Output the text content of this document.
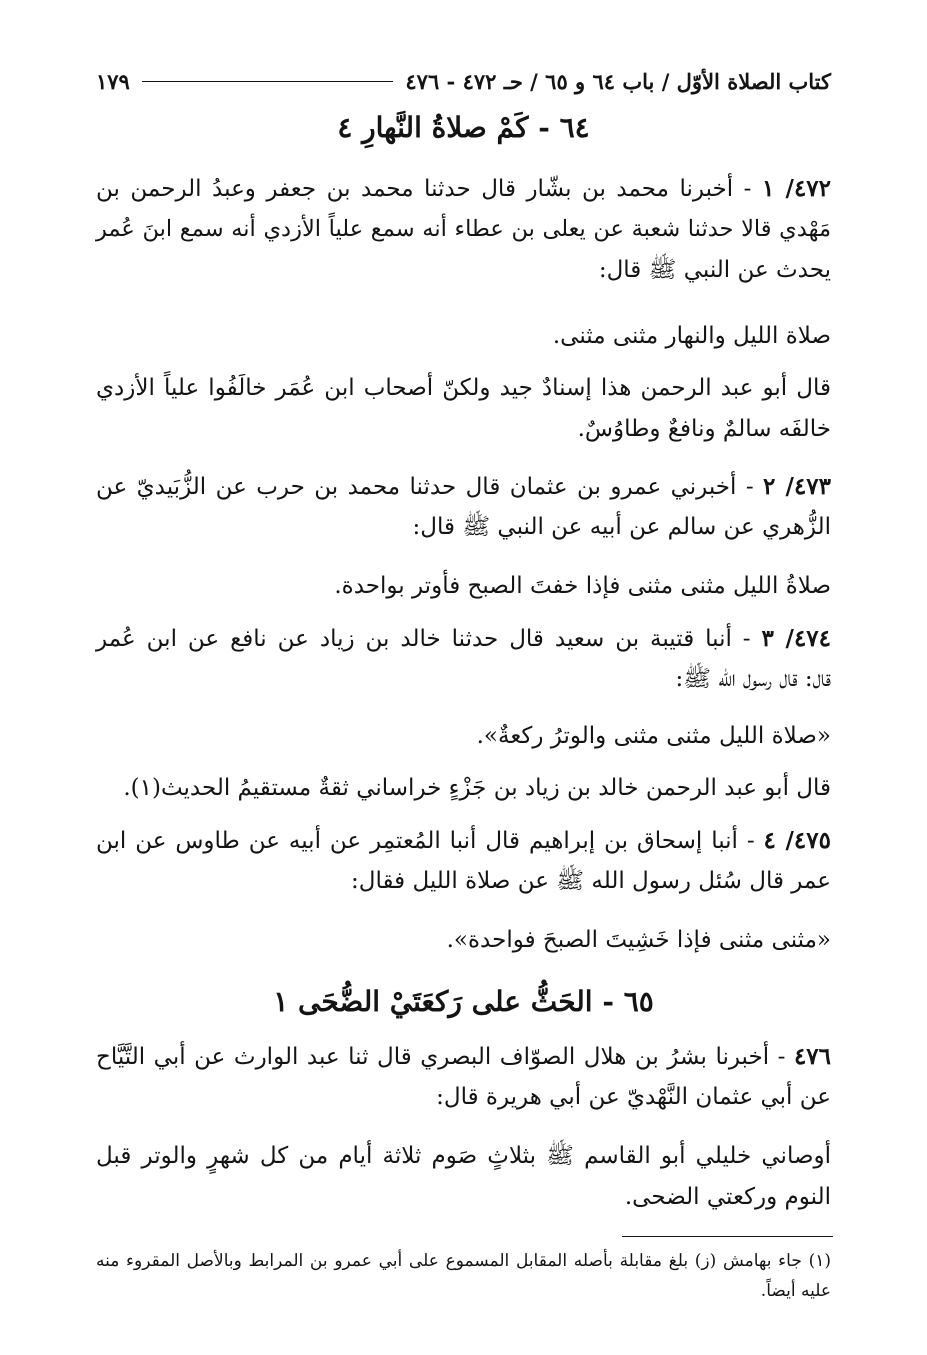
كتاب الصلاة الأوّل / باب ٦٤ و ٦٥ / حـ ٤٧٢ - ٤٧٦
١٧٩
٦٤ - كَمْ صلاةُ النَّهارِ ٤
٤٧٢/ ١ - أخبرنا محمد بن بشّار قال حدثنا محمد بن جعفر وعبدُ الرحمن بن
مَهْدي قالا حدثنا شعبة عن يعلى بن عطاء أنه سمع علياً الأزدي أنه سمع ابنَ عُمر
يحدث عن النبي ﷺ قال:
صلاة الليل والنهار مثنى مثنى.
قال أبو عبد الرحمن هذا إسنادٌ جيد ولكنّ أصحاب ابن عُمَر خالَفُوا علياً الأزدي
خالفَه سالمٌ ونافعٌ وطاوُسٌ.
٤٧٣/ ٢ - أخبرني عمرو بن عثمان قال حدثنا محمد بن حرب عن الزُّبَيديّ عن
الزُّهري عن سالم عن أبيه عن النبي ﷺ قال:
صلاةُ الليل مثنى مثنى فإذا خفتَ الصبح فأوتر بواحدة.
٤٧٤/ ٣ - أنبا قتيبة بن سعيد قال حدثنا خالد بن زياد عن نافع عن ابن عُمر
قال: قال رسول الله ﷺ:
«صلاة الليل مثنى مثنى والوترُ ركعةٌ».
قال أبو عبد الرحمن خالد بن زياد بن جَزْءٍ خراساني ثقةٌ مستقيمُ الحديث(١).
٤٧٥/ ٤ - أنبا إسحاق بن إبراهيم قال أنبا المُعتمِر عن أبيه عن طاوس عن ابن
عمر قال سُئل رسول الله ﷺ عن صلاة الليل فقال:
«مثنى مثنى فإذا خَشِيتَ الصبحَ فواحدة».
٦٥ - الحَثُّ على رَكعَتَيْ الضُّحَى ١
٤٧٦ - أخبرنا بشرُ بن هلال الصوّاف البصري قال ثنا عبد الوارث عن أبي التَّيَّاح
عن أبي عثمان النَّهْديّ عن أبي هريرة قال:
أوصاني خليلي أبو القاسم ﷺ بثلاثٍ صَوم ثلاثة أيام من كل شهرٍ والوتر قبل
النوم وركعتي الضحى.
(١) جاء بهامش (ز) بلغ مقابلة بأصله المقابل المسموع على أبي عمرو بن المرابط وبالأصل المقروء منه
عليه أيضاً.
